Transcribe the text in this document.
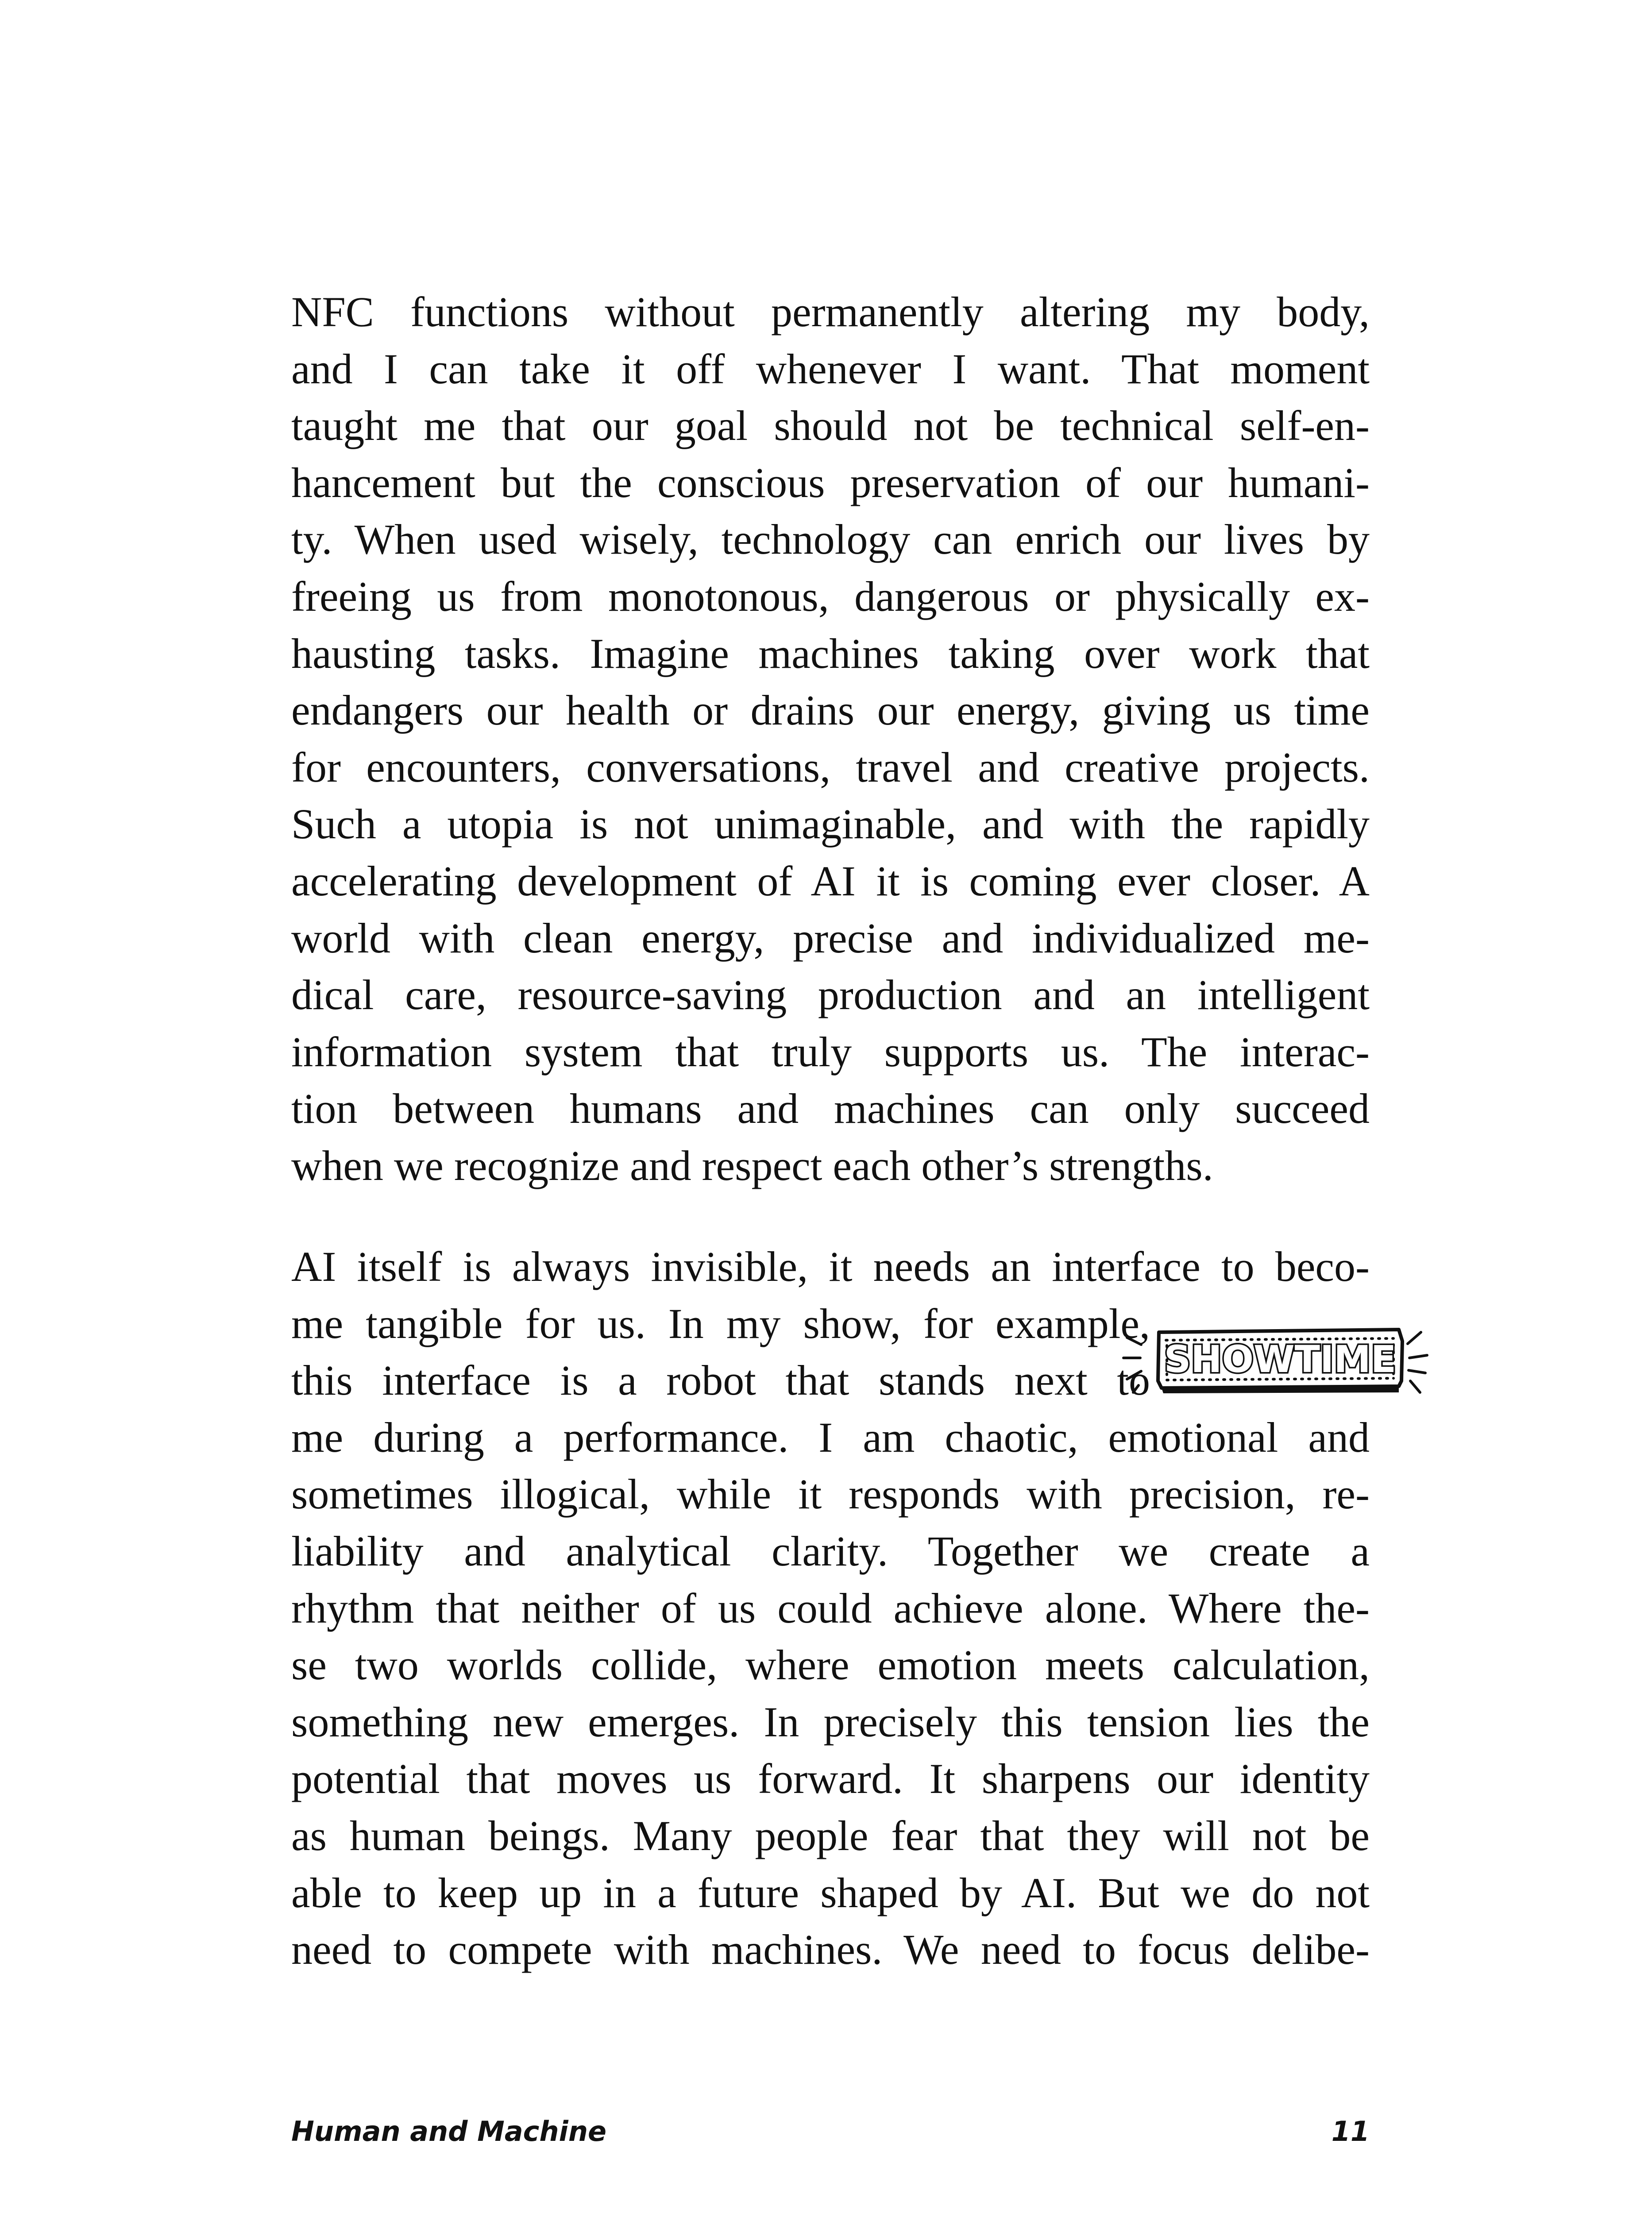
NFC functions without permanently altering my body,
and I can take it off whenever I want. That moment
taught me that our goal should not be technical self-en-
hancement but the conscious preservation of our humani-
ty. When used wisely, technology can enrich our lives by
freeing us from monotonous, dangerous or physically ex-
hausting tasks. Imagine machines taking over work that
endangers our health or drains our energy, giving us time
for encounters, conversations, travel and creative projects.
Such a utopia is not unimaginable, and with the rapidly
accelerating development of AI it is coming ever closer. A
world with clean energy, precise and individualized me-
dical care, resource-saving production and an intelligent
information system that truly supports us. The interac-
tion between humans and machines can only succeed
when we recognize and respect each other’s strengths.
AI itself is always invisible, it needs an interface to beco-
me tangible for us. In my show, for example,
this interface is a robot that stands next to
me during a performance. I am chaotic, emotional and
sometimes illogical, while it responds with precision, re-
liability and analytical clarity. Together we create a
rhythm that neither of us could achieve alone. Where the-
se two worlds collide, where emotion meets calculation,
something new emerges. In precisely this tension lies the
potential that moves us forward. It sharpens our identity
as human beings. Many people fear that they will not be
able to keep up in a future shaped by AI. But we do not
need to compete with machines. We need to focus delibe-
SHOWTIME
Human and Machine	11
